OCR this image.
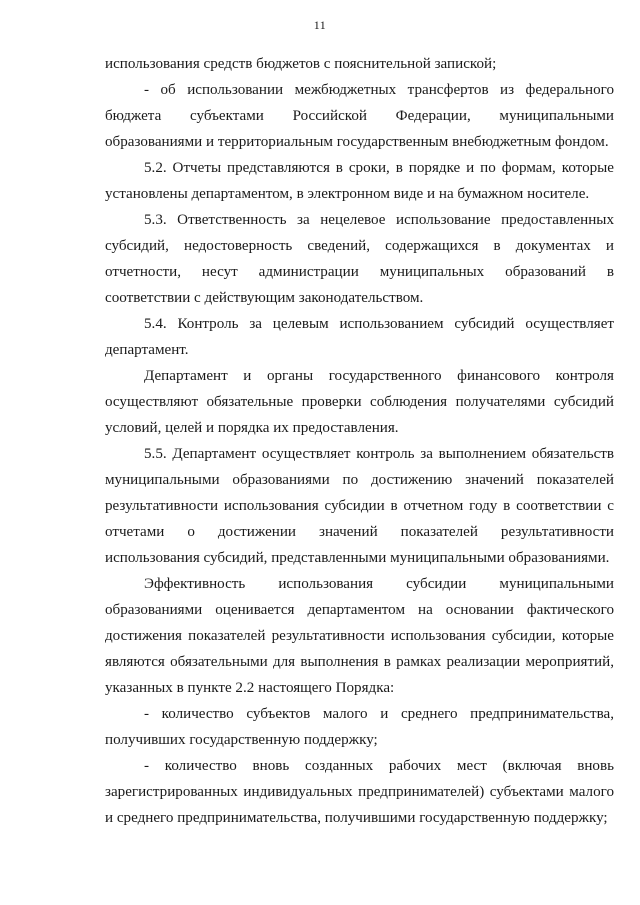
11

использования средств бюджетов с пояснительной запиской;

- об использовании межбюджетных трансфертов из федерального бюджета субъектами Российской Федерации, муниципальными образованиями и территориальным государственным внебюджетным фондом.

5.2. Отчеты представляются в сроки, в порядке и по формам, которые установлены департаментом, в электронном виде и на бумажном носителе.

5.3. Ответственность за нецелевое использование предоставленных субсидий, недостоверность сведений, содержащихся в документах и отчетности, несут администрации муниципальных образований в соответствии с действующим законодательством.

5.4. Контроль за целевым использованием субсидий осуществляет департамент.

Департамент и органы государственного финансового контроля осуществляют обязательные проверки соблюдения получателями субсидий условий, целей и порядка их предоставления.

5.5. Департамент осуществляет контроль за выполнением обязательств муниципальными образованиями по достижению значений показателей результативности использования субсидии в отчетном году в соответствии с отчетами о достижении значений показателей результативности использования субсидий, представленными муниципальными образованиями.

Эффективность использования субсидии муниципальными образованиями оценивается департаментом на основании фактического достижения показателей результативности использования субсидии, которые являются обязательными для выполнения в рамках реализации мероприятий, указанных в пункте 2.2 настоящего Порядка:

- количество субъектов малого и среднего предпринимательства, получивших государственную поддержку;

- количество вновь созданных рабочих мест (включая вновь зарегистрированных индивидуальных предпринимателей) субъектами малого и среднего предпринимательства, получившими государственную поддержку;
